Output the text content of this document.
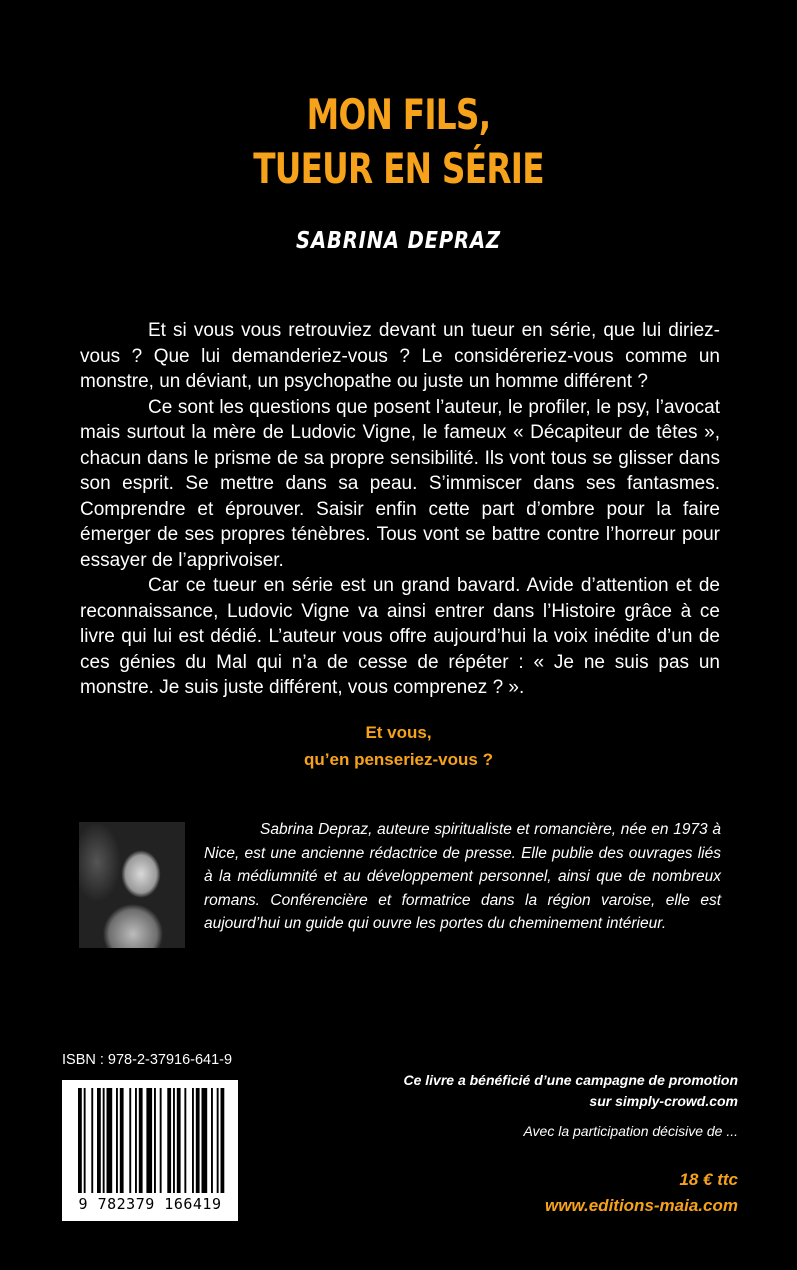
MON FILS,
TUEUR EN SÉRIE
SABRINA DEPRAZ

Et si vous vous retrouviez devant un tueur en série, que lui diriez-vous ? Que lui demanderiez-vous ? Le considéreriez-vous comme un monstre, un déviant, un psychopathe ou juste un homme différent ?

Ce sont les questions que posent l’auteur, le profiler, le psy, l’avocat mais surtout la mère de Ludovic Vigne, le fameux « Décapiteur de têtes », chacun dans le prisme de sa propre sensibilité. Ils vont tous se glisser dans son esprit. Se mettre dans sa peau. S’immiscer dans ses fantasmes. Comprendre et éprouver. Saisir enfin cette part d’ombre pour la faire émerger de ses propres ténèbres. Tous vont se battre contre l’horreur pour essayer de l’apprivoiser.

Car ce tueur en série est un grand bavard. Avide d’attention et de reconnaissance, Ludovic Vigne va ainsi entrer dans l’Histoire grâce à ce livre qui lui est dédié. L’auteur vous offre aujourd’hui la voix inédite d’un de ces génies du Mal qui n’a de cesse de répéter : « Je ne suis pas un monstre. Je suis juste différent, vous comprenez ? ».

Et vous,
qu’en penseriez-vous ?
Sabrina Depraz, auteure spiritualiste et romancière, née en 1973 à Nice, est une ancienne rédactrice de presse. Elle publie des ouvrages liés à la médiumnité et au développement personnel, ainsi que de nombreux romans. Conférencière et formatrice dans la région varoise, elle est aujourd’hui un guide qui ouvre les portes du cheminement intérieur.
ISBN : 978-2-37916-641-9
9 782379 166419
Ce livre a bénéficié d’une campagne de promotion
sur simply-crowd.com
Avec la participation décisive de ...
18 € ttc
www.editions-maia.com
